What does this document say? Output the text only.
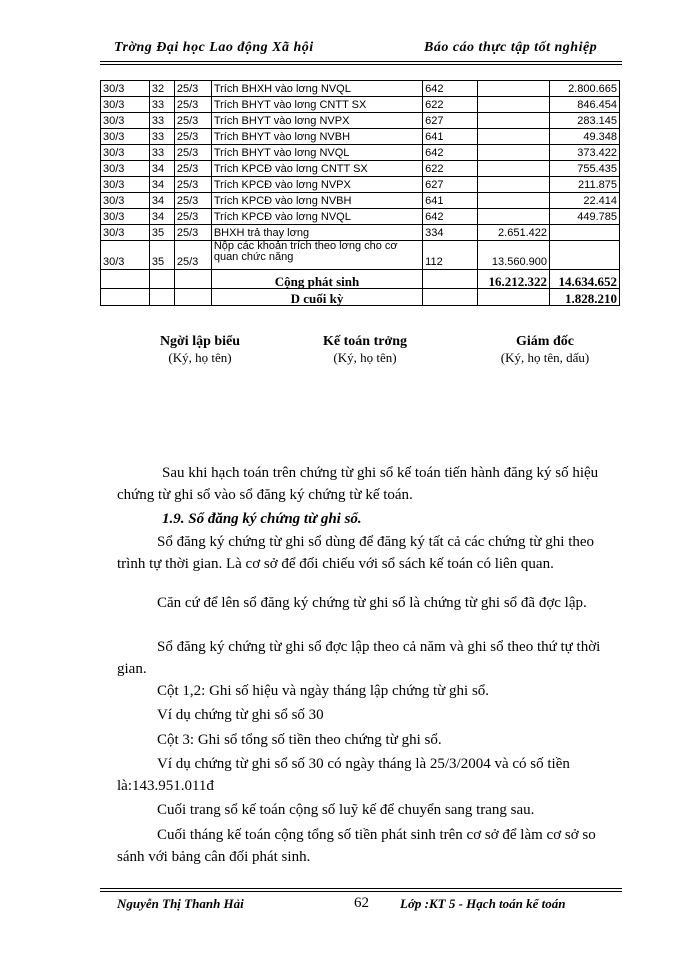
Trờng Đại học Lao động Xã hội	Báo cáo thực tập tốt nghiệp
30/3	32	25/3	Trích BHXH vào lơng NVQL	642		2.800.665
30/3	33	25/3	Trích BHYT vào lơng CNTT SX	622		846.454
30/3	33	25/3	Trích BHYT vào lơng NVPX	627		283.145
30/3	33	25/3	Trích BHYT vào lơng NVBH	641		49.348
30/3	33	25/3	Trích BHYT vào lơng NVQL	642		373.422
30/3	34	25/3	Trích KPCĐ vào lơng CNTT SX	622		755.435
30/3	34	25/3	Trích KPCĐ vào lơng NVPX	627		211.875
30/3	34	25/3	Trích KPCĐ vào lơng NVBH	641		22.414
30/3	34	25/3	Trích KPCĐ vào lơng NVQL	642		449.785
30/3	35	25/3	BHXH trả thay lơng	334	2.651.422	
30/3	35	25/3	Nộp các khoản trích theo lơng cho cơ quan chức năng	112	13.560.900	
			Cộng phát sinh		16.212.322	14.634.652
			D cuối kỳ			1.828.210
Ngời lập biểu
(Ký, họ tên)
Kế toán trởng
(Ký, họ tên)
Giám đốc
(Ký, họ tên, dấu)
Sau khi hạch toán trên chứng từ ghi sổ kế toán tiến hành đăng ký số hiệu chứng từ ghi sổ vào sổ đăng ký chứng từ kế toán.
1.9. Sổ đăng ký chứng từ ghi sổ.
Sổ đăng ký chứng từ ghi sổ dùng để đăng ký tất cả các chứng từ ghi theo trình tự thời gian. Là cơ sở để đối chiếu với sổ sách kế toán có liên quan.
Căn cứ để lên sổ đăng ký chứng từ ghi sổ là chứng từ ghi sổ đã đợc lập.
Sổ đăng ký chứng từ ghi sổ đợc lập theo cả năm và ghi sổ theo thứ tự thời gian.
Cột 1,2: Ghi số hiệu và ngày tháng lập chứng từ ghi sổ.
Ví dụ chứng từ ghi sổ số 30
Cột 3: Ghi sổ tổng số tiền theo chứng từ ghi sổ.
Ví dụ chứng từ ghi sổ số 30 có ngày tháng là 25/3/2004 và có số tiền là:143.951.011đ
Cuối trang sổ kế toán cộng số luỹ kế để chuyển sang trang sau.
Cuối tháng kế toán cộng tổng số tiền phát sinh trên cơ sở để làm cơ sở so sánh với bảng cân đối phát sinh.
Nguyễn Thị Thanh Hải	62 Lớp :KT 5 - Hạch toán kế toán
